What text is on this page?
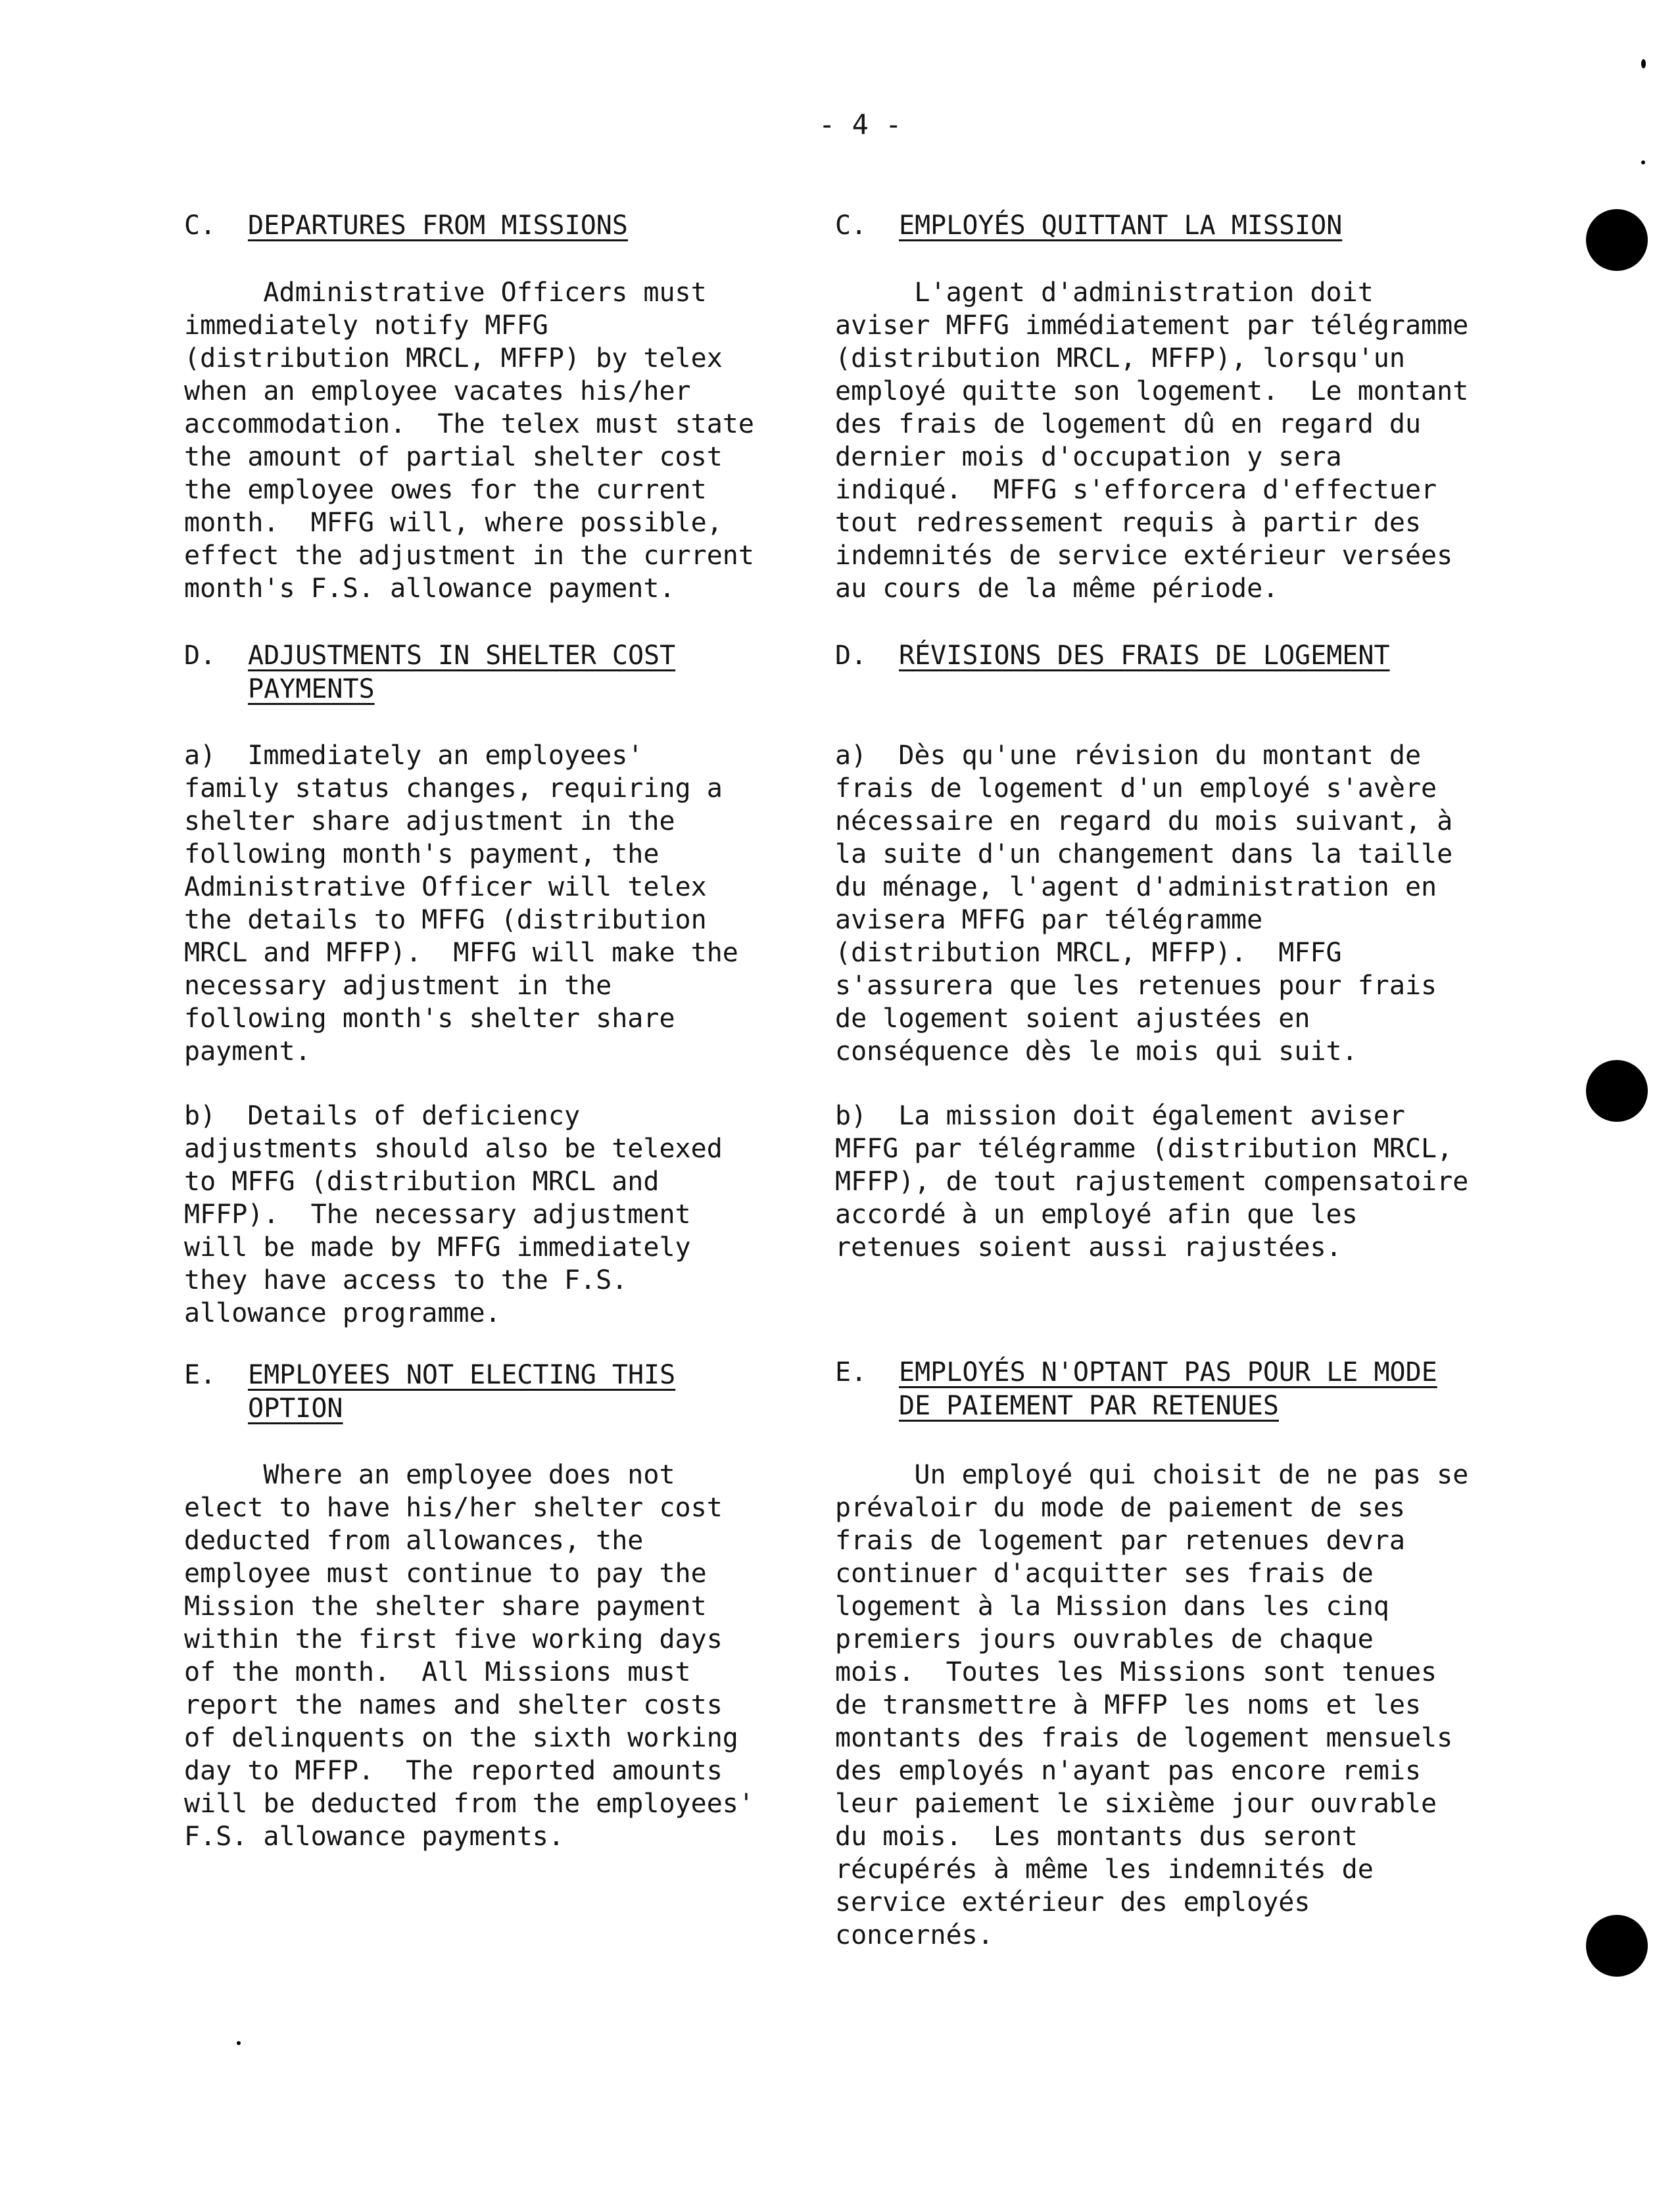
- 4 -
C. DEPARTURES FROM MISSIONS

Administrative Officers must
immediately notify MFFG
(distribution MRCL, MFFP) by telex
when an employee vacates his/her
accommodation.  The telex must state
the amount of partial shelter cost
the employee owes for the current
month.  MFFG will, where possible,
effect the adjustment in the current
month's F.S. allowance payment.

D. ADJUSTMENTS IN SHELTER COST
PAYMENTS

a)  Immediately an employees'
family status changes, requiring a
shelter share adjustment in the
following month's payment, the
Administrative Officer will telex
the details to MFFG (distribution
MRCL and MFFP).  MFFG will make the
necessary adjustment in the
following month's shelter share
payment.

b)  Details of deficiency
adjustments should also be telexed
to MFFG (distribution MRCL and
MFFP).  The necessary adjustment
will be made by MFFG immediately
they have access to the F.S.
allowance programme.

E. EMPLOYEES NOT ELECTING THIS
OPTION

Where an employee does not
elect to have his/her shelter cost
deducted from allowances, the
employee must continue to pay the
Mission the shelter share payment
within the first five working days
of the month.  All Missions must
report the names and shelter costs
of delinquents on the sixth working
day to MFFP.  The reported amounts
will be deducted from the employees'
F.S. allowance payments.

C. EMPLOYÉS QUITTANT LA MISSION

L'agent d'administration doit
aviser MFFG immédiatement par télégramme
(distribution MRCL, MFFP), lorsqu'un
employé quitte son logement.  Le montant
des frais de logement dû en regard du
dernier mois d'occupation y sera
indiqué.  MFFG s'efforcera d'effectuer
tout redressement requis à partir des
indemnités de service extérieur versées
au cours de la même période.

D. RÉVISIONS DES FRAIS DE LOGEMENT

a)  Dès qu'une révision du montant de
frais de logement d'un employé s'avère
nécessaire en regard du mois suivant, à
la suite d'un changement dans la taille
du ménage, l'agent d'administration en
avisera MFFG par télégramme
(distribution MRCL, MFFP).  MFFG
s'assurera que les retenues pour frais
de logement soient ajustées en
conséquence dès le mois qui suit.

b)  La mission doit également aviser
MFFG par télégramme (distribution MRCL,
MFFP), de tout rajustement compensatoire
accordé à un employé afin que les
retenues soient aussi rajustées.

E. EMPLOYÉS N'OPTANT PAS POUR LE MODE
DE PAIEMENT PAR RETENUES

Un employé qui choisit de ne pas se
prévaloir du mode de paiement de ses
frais de logement par retenues devra
continuer d'acquitter ses frais de
logement à la Mission dans les cinq
premiers jours ouvrables de chaque
mois.  Toutes les Missions sont tenues
de transmettre à MFFP les noms et les
montants des frais de logement mensuels
des employés n'ayant pas encore remis
leur paiement le sixième jour ouvrable
du mois.  Les montants dus seront
récupérés à même les indemnités de
service extérieur des employés
concernés.
